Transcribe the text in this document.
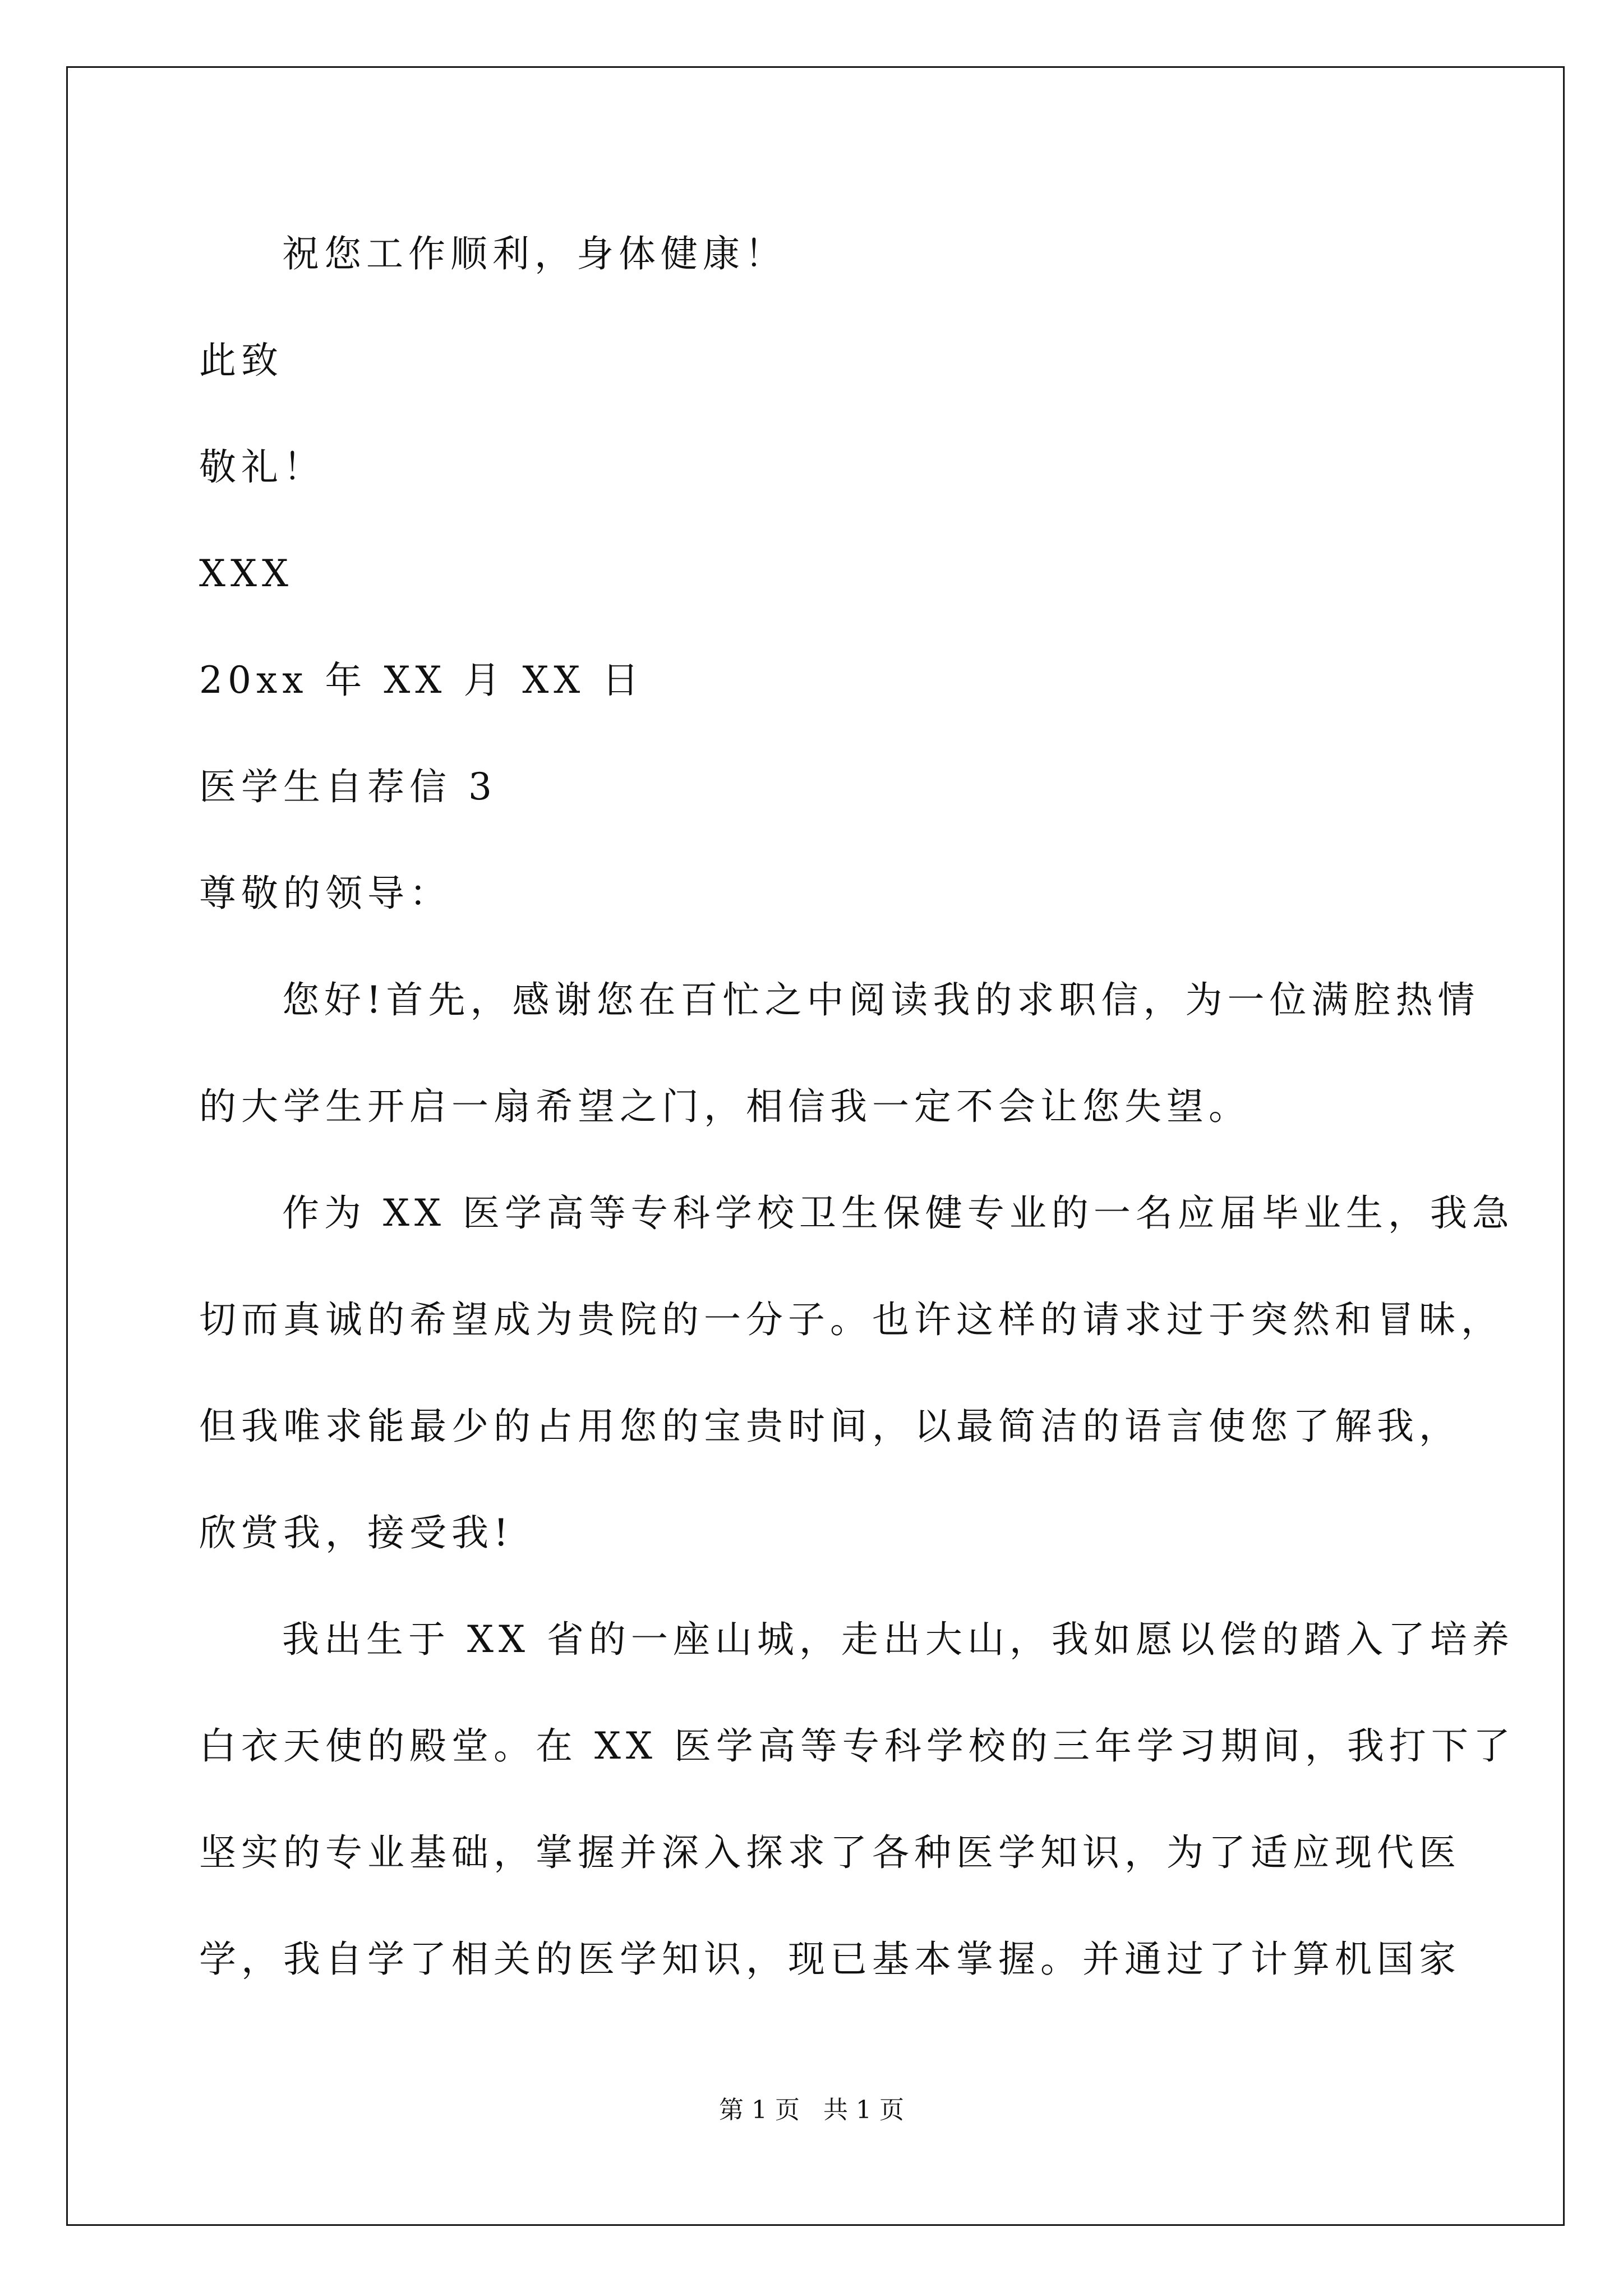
祝您工作顺利，身体健康！
此致
敬礼！
XXX
20xx 年 XX 月 XX 日
医学生自荐信 3
尊敬的领导：
您好!首先，感谢您在百忙之中阅读我的求职信，为一位满腔热情
的大学生开启一扇希望之门，相信我一定不会让您失望。
作为 XX 医学高等专科学校卫生保健专业的一名应届毕业生，我急
切而真诚的希望成为贵院的一分子。也许这样的请求过于突然和冒昧，
但我唯求能最少的占用您的宝贵时间，以最简洁的语言使您了解我，
欣赏我，接受我!
我出生于 XX 省的一座山城，走出大山，我如愿以偿的踏入了培养
白衣天使的殿堂。在 XX 医学高等专科学校的三年学习期间，我打下了
坚实的专业基础，掌握并深入探求了各种医学知识，为了适应现代医
学，我自学了相关的医学知识，现已基本掌握。并通过了计算机国家
第 1 页   共 1 页
